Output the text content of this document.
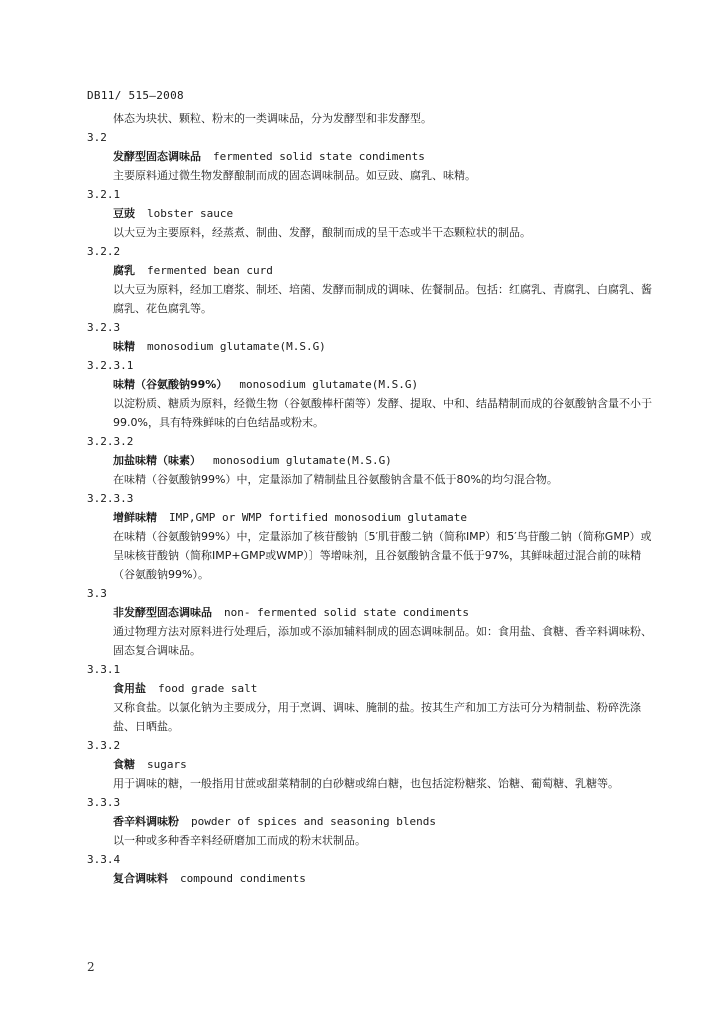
DB11/ 515—2008
体态为块状、颗粒、粉末的一类调味品，分为发酵型和非发酵型。
3.2
发酵型固态调味品 fermented solid state condiments
主要原料通过微生物发酵酿制而成的固态调味制品。如豆豉、腐乳、味精。
3.2.1
豆豉 lobster sauce
以大豆为主要原料，经蒸煮、制曲、发酵，酿制而成的呈干态或半干态颗粒状的制品。
3.2.2
腐乳 fermented bean curd
以大豆为原料，经加工磨浆、制坯、培菌、发酵而制成的调味、佐餐制品。包括：红腐乳、青腐乳、白腐乳、酱腐乳、花色腐乳等。
3.2.3
味精 monosodium glutamate(M.S.G)
3.2.3.1
味精（谷氨酸钠99%） monosodium glutamate(M.S.G)
以淀粉质、糖质为原料，经微生物（谷氨酸棒杆菌等）发酵、提取、中和、结晶精制而成的谷氨酸钠含量不小于99.0%，具有特殊鲜味的白色结晶或粉末。
3.2.3.2
加盐味精（味素） monosodium glutamate(M.S.G)
在味精（谷氨酸钠99%）中，定量添加了精制盐且谷氨酸钠含量不低于80%的均匀混合物。
3.2.3.3
增鲜味精 IMP,GMP or WMP fortified monosodium glutamate
在味精（谷氨酸钠99%）中，定量添加了核苷酸钠〔5′肌苷酸二钠（简称IMP）和5′鸟苷酸二钠（简称GMP）或呈味核苷酸钠（简称IMP+GMP或WMP）〕等增味剂，且谷氨酸钠含量不低于97%，其鲜味超过混合前的味精（谷氨酸钠99%）。
3.3
非发酵型固态调味品 non- fermented solid state condiments
通过物理方法对原料进行处理后，添加或不添加辅料制成的固态调味制品。如：食用盐、食糖、香辛料调味粉、固态复合调味品。
3.3.1
食用盐 food grade salt
又称食盐。以氯化钠为主要成分，用于烹调、调味、腌制的盐。按其生产和加工方法可分为精制盐、粉碎洗涤盐、日晒盐。
3.3.2
食糖 sugars
用于调味的糖，一般指用甘蔗或甜菜精制的白砂糖或绵白糖，也包括淀粉糖浆、饴糖、葡萄糖、乳糖等。
3.3.3
香辛料调味粉 powder of spices and seasoning blends
以一种或多种香辛料经研磨加工而成的粉末状制品。
3.3.4
复合调味料 compound condiments
2
